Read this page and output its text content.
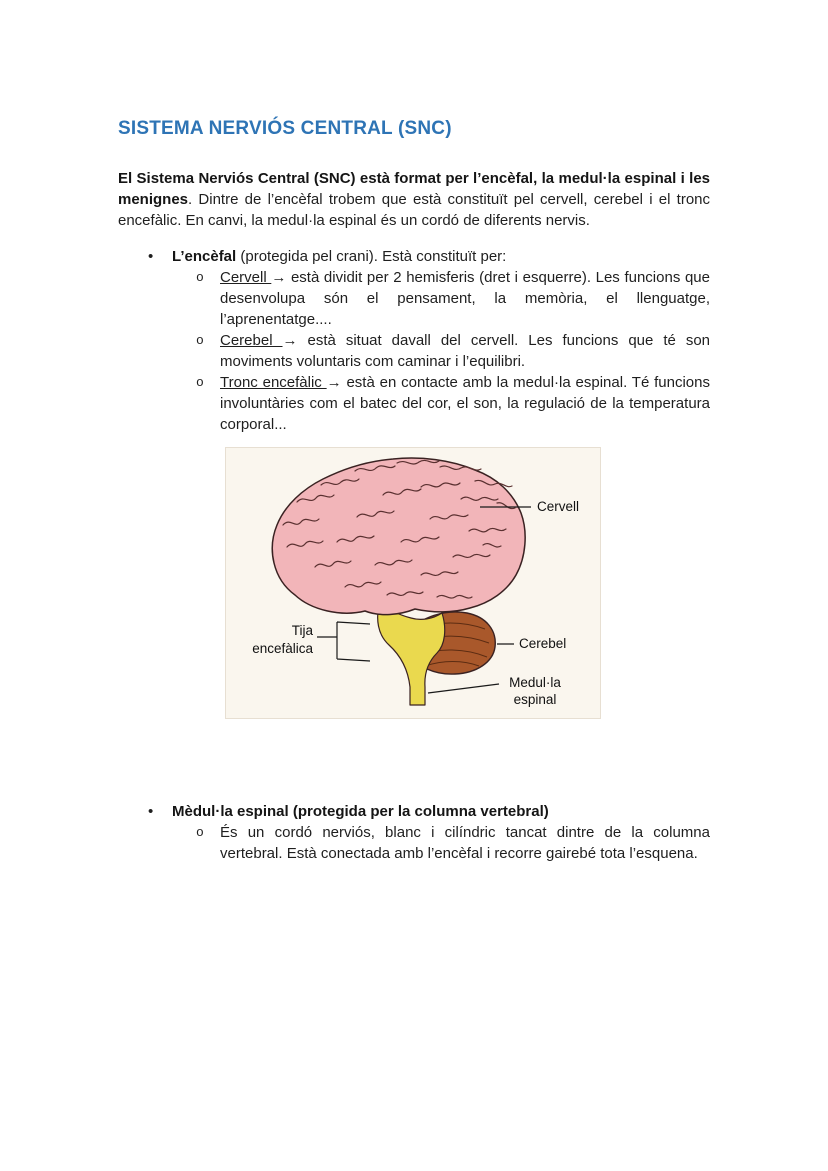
SISTEMA NERVIÓS CENTRAL (SNC)

El Sistema Nerviós Central (SNC) està format per l’encèfal, la medul·la espinal i les menignes. Dintre de l’encèfal trobem que està constituït pel cervell, cerebel i el tronc encefàlic. En canvi, la medul·la espinal és un cordó de diferents nervis.

•	L’encèfal (protegida pel crani). Està constituït per:
o	Cervell → està dividit per 2 hemisferis (dret i esquerre). Les funcions que desenvolupa són el pensament, la memòria, el llenguatge, l’aprenentatge....
o	Cerebel → està situat davall del cervell. Les funcions que té son moviments voluntaris com caminar i l’equilibri.
o	Tronc encefàlic → està en contacte amb la medul·la espinal. Té funcions involuntàries com el batec del cor, el son, la regulació de la temperatura corporal...
Cervell
Cerebel
Medul·la
espinal
Tija
encefàlica
•	Mèdul·la espinal (protegida per la columna vertebral)
o	És un cordó nerviós, blanc i cilíndric tancat dintre de la columna vertebral. Està conectada amb l’encèfal i recorre gairebé tota l’esquena.
